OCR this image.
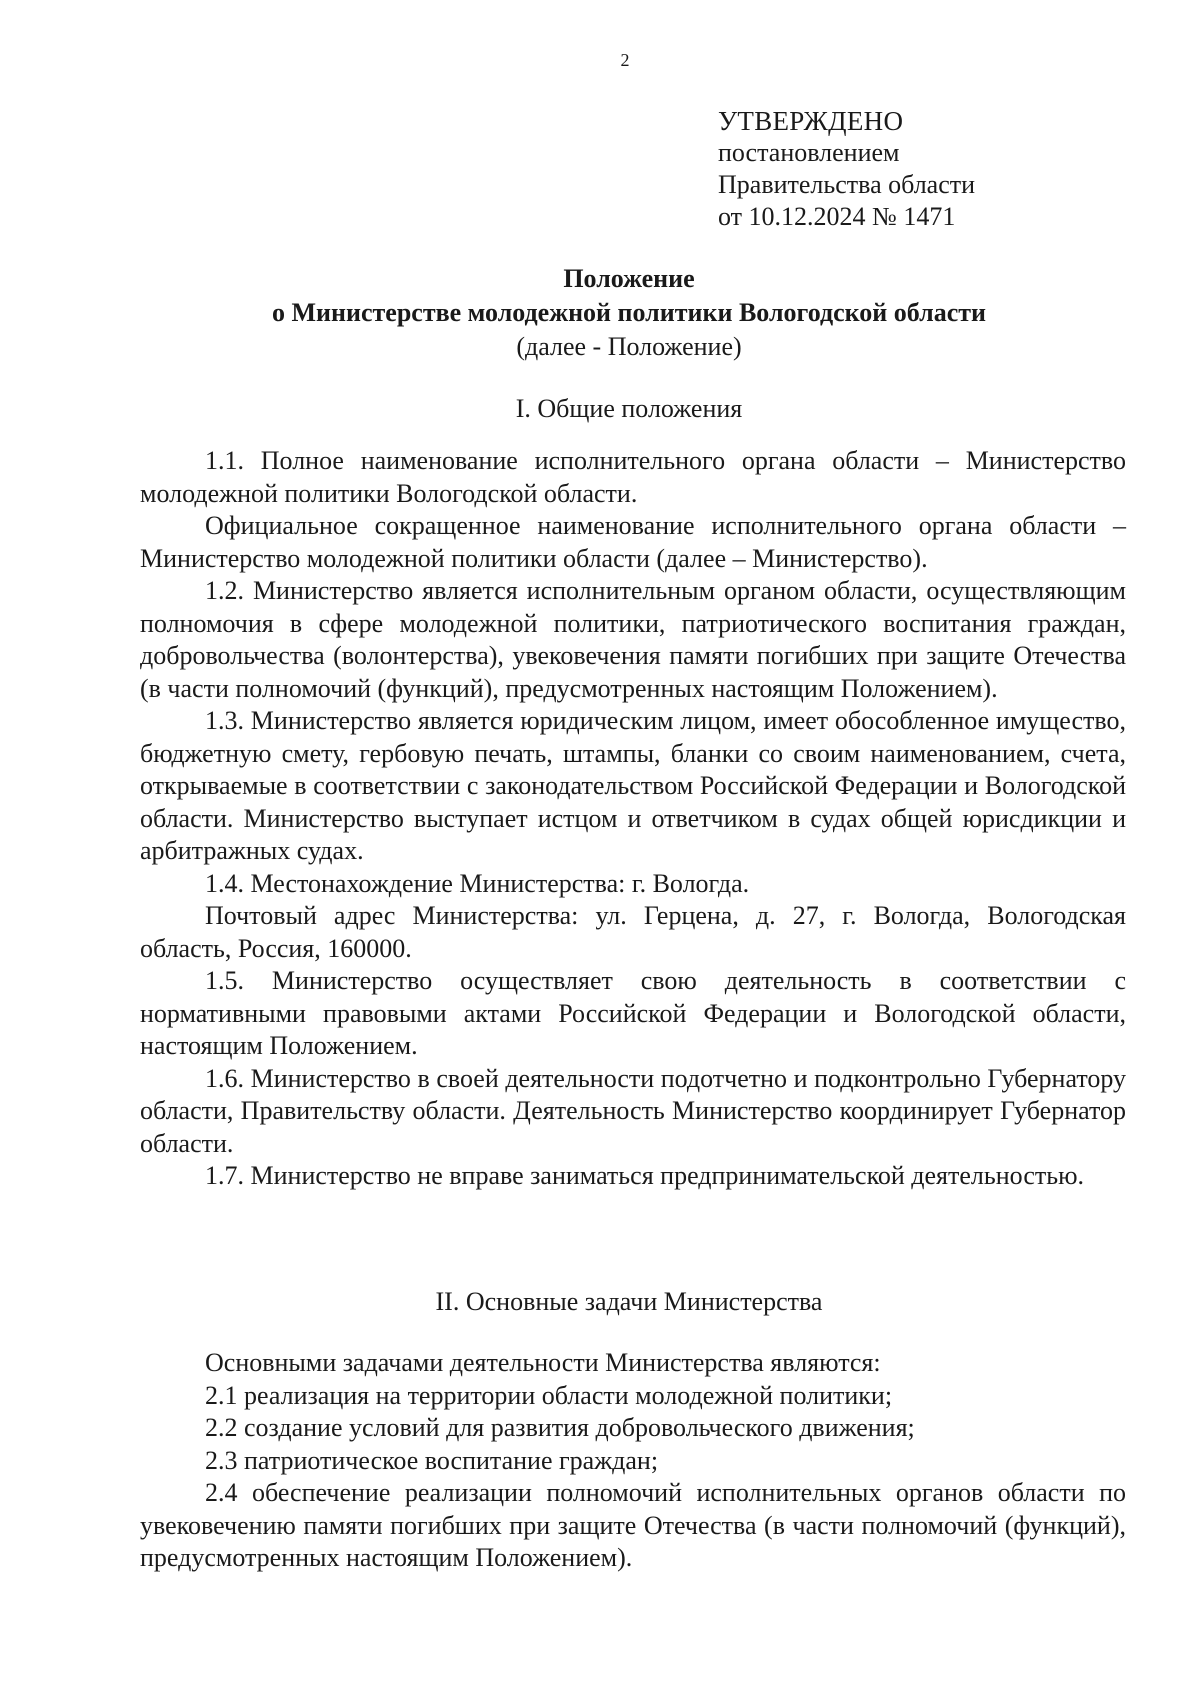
2
УТВЕРЖДЕНО
постановлением
Правительства области
от 10.12.2024 № 1471
Положение
о Министерстве молодежной политики Вологодской области
(далее - Положение)
I. Общие положения

1.1. Полное наименование исполнительного органа области – Министерство молодежной политики Вологодской области.

Официальное сокращенное наименование исполнительного органа области – Министерство молодежной политики области (далее – Министерство).

1.2. Министерство является исполнительным органом области, осуществляющим полномочия в сфере молодежной политики, патриотического воспитания граждан, добровольчества (волонтерства), увековечения памяти погибших при защите Отечества (в части полномочий (функций), предусмотренных настоящим Положением).

1.3. Министерство является юридическим лицом, имеет обособленное имущество, бюджетную смету, гербовую печать, штампы, бланки со своим наименованием, счета, открываемые в соответствии с законодательством Российской Федерации и Вологодской области. Министерство выступает истцом и ответчиком в судах общей юрисдикции и арбитражных судах.

1.4. Местонахождение Министерства: г. Вологда.

Почтовый адрес Министерства: ул. Герцена, д. 27, г. Вологда, Вологодская область, Россия, 160000.

1.5. Министерство осуществляет свою деятельность в соответствии с нормативными правовыми актами Российской Федерации и Вологодской области, настоящим Положением.

1.6. Министерство в своей деятельности подотчетно и подконтрольно Губернатору области, Правительству области. Деятельность Министерство координирует Губернатор области.

1.7. Министерство не вправе заниматься предпринимательской деятельностью.

II. Основные задачи Министерства

Основными задачами деятельности Министерства являются:

2.1 реализация на территории области молодежной политики;

2.2 создание условий для развития добровольческого движения;

2.3 патриотическое воспитание граждан;

2.4 обеспечение реализации полномочий исполнительных органов области по увековечению памяти погибших при защите Отечества (в части полномочий (функций), предусмотренных настоящим Положением).
